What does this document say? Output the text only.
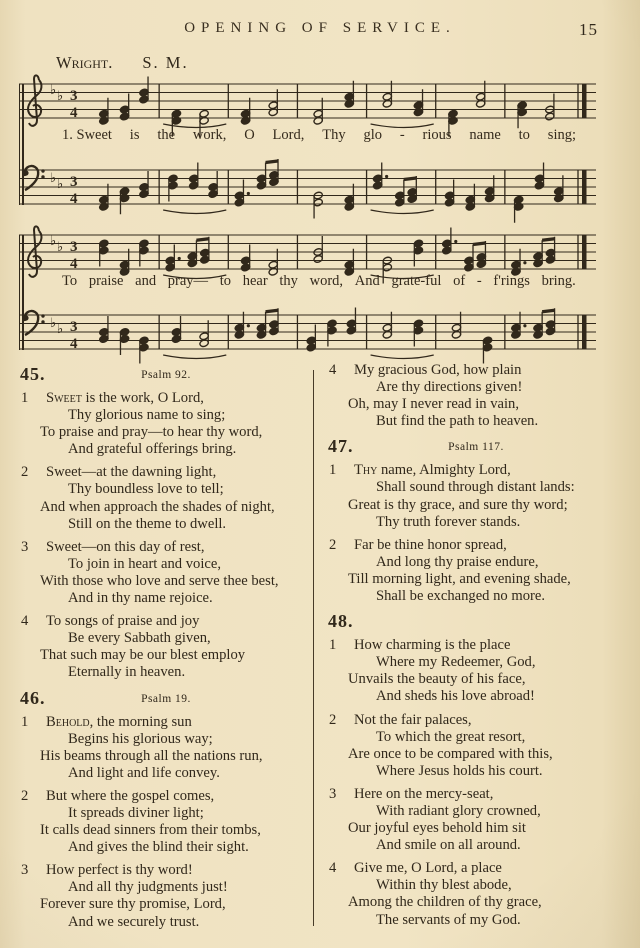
OPENING OF SERVICE.	15
Wright. S. M.
♭ ♭ 3
4
1. Sweet is the work, O Lord, Thy glo - rious name to sing;
♭ ♭ 3
4
♭ ♭ 3
4
To praise and pray— to hear thy word, And grate-ful of - f'rings bring.
♭ ♭ 3
4
45.	Psalm 92.
1 Sweet is the work, O Lord,
Thy glorious name to sing;
To praise and pray—to hear thy word,
And grateful offerings bring.
2 Sweet—at the dawning light,
Thy boundless love to tell;
And when approach the shades of night,
Still on the theme to dwell.
3 Sweet—on this day of rest,
To join in heart and voice,
With those who love and serve thee best,
And in thy name rejoice.
4 To songs of praise and joy
Be every Sabbath given,
That such may be our blest employ
Eternally in heaven.
46.	Psalm 19.
1 Behold, the morning sun
Begins his glorious way;
His beams through all the nations run,
And light and life convey.
2 But where the gospel comes,
It spreads diviner light;
It calls dead sinners from their tombs,
And gives the blind their sight.
3 How perfect is thy word!
And all thy judgments just!
Forever sure thy promise, Lord,
And we securely trust.
4 My gracious God, how plain
Are thy directions given!
Oh, may I never read in vain,
But find the path to heaven.
47.	Psalm 117.
1 Thy name, Almighty Lord,
Shall sound through distant lands:
Great is thy grace, and sure thy word;
Thy truth forever stands.
2 Far be thine honor spread,
And long thy praise endure,
Till morning light, and evening shade,
Shall be exchanged no more.
48.
1 How charming is the place
Where my Redeemer, God,
Unvails the beauty of his face,
And sheds his love abroad!
2 Not the fair palaces,
To which the great resort,
Are once to be compared with this,
Where Jesus holds his court.
3 Here on the mercy-seat,
With radiant glory crowned,
Our joyful eyes behold him sit
And smile on all around.
4 Give me, O Lord, a place
Within thy blest abode,
Among the children of thy grace,
The servants of my God.
